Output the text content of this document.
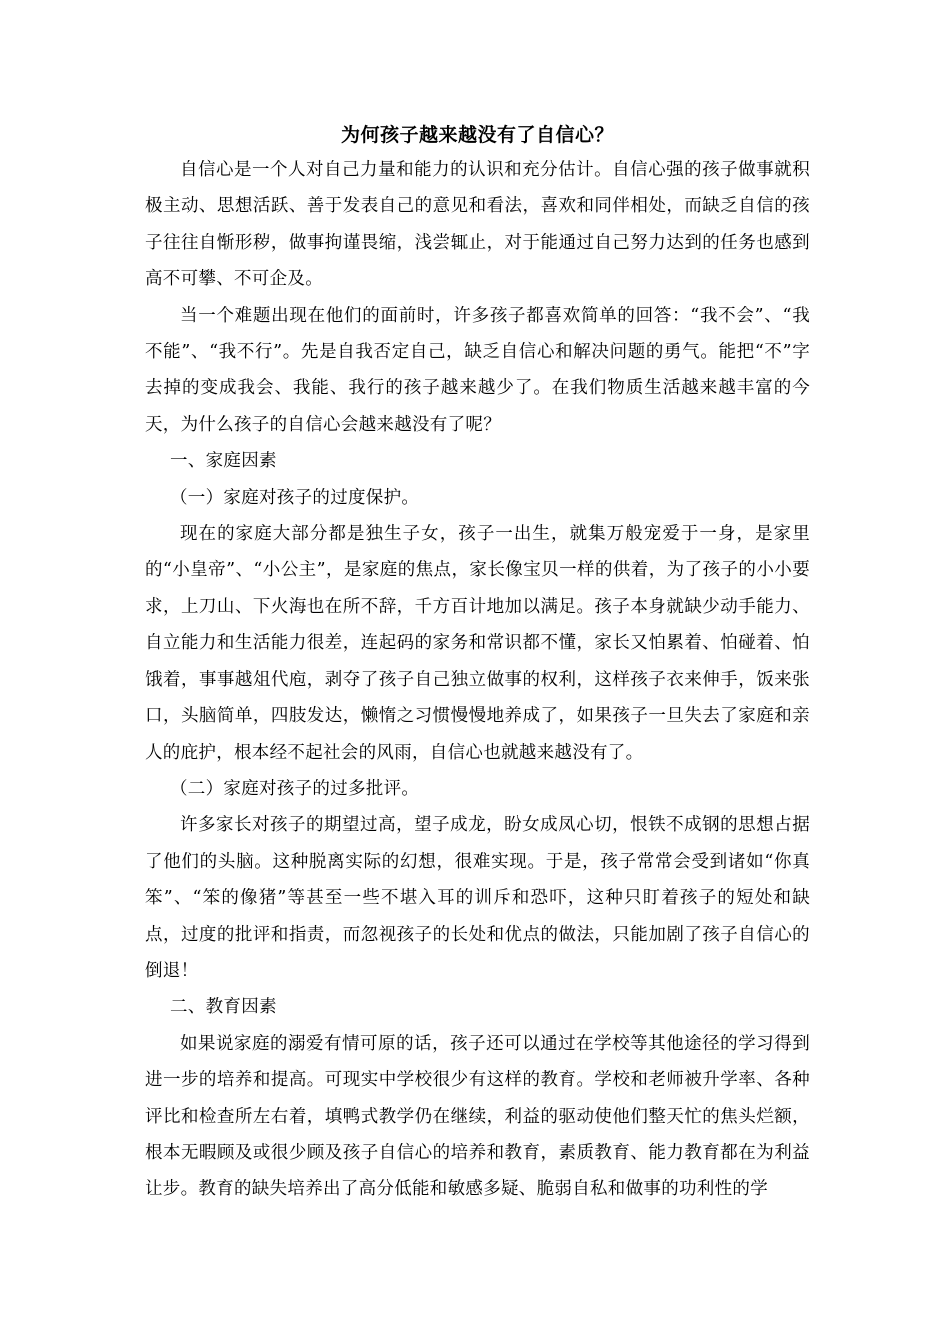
为何孩子越来越没有了自信心？

自信心是一个人对自己力量和能力的认识和充分估计。自信心强的孩子做事就积极主动、思想活跃、善于发表自己的意见和看法，喜欢和同伴相处，而缺乏自信的孩子往往自惭形秽，做事拘谨畏缩，浅尝辄止，对于能通过自己努力达到的任务也感到高不可攀、不可企及。

当一个难题出现在他们的面前时，许多孩子都喜欢简单的回答：“我不会”、“我不能”、“我不行”。先是自我否定自己，缺乏自信心和解决问题的勇气。能把“不”字去掉的变成我会、我能、我行的孩子越来越少了。在我们物质生活越来越丰富的今天，为什么孩子的自信心会越来越没有了呢？

一、家庭因素

（一）家庭对孩子的过度保护。

现在的家庭大部分都是独生子女，孩子一出生，就集万般宠爱于一身，是家里的“小皇帝”、“小公主”，是家庭的焦点，家长像宝贝一样的供着，为了孩子的小小要求，上刀山、下火海也在所不辞，千方百计地加以满足。孩子本身就缺少动手能力、自立能力和生活能力很差，连起码的家务和常识都不懂，家长又怕累着、怕碰着、怕饿着，事事越俎代庖，剥夺了孩子自己独立做事的权利，这样孩子衣来伸手，饭来张口，头脑简单，四肢发达，懒惰之习惯慢慢地养成了，如果孩子一旦失去了家庭和亲人的庇护，根本经不起社会的风雨，自信心也就越来越没有了。

（二）家庭对孩子的过多批评。

许多家长对孩子的期望过高，望子成龙，盼女成凤心切，恨铁不成钢的思想占据了他们的头脑。这种脱离实际的幻想，很难实现。于是，孩子常常会受到诸如“你真笨”、“笨的像猪”等甚至一些不堪入耳的训斥和恐吓，这种只盯着孩子的短处和缺点，过度的批评和指责，而忽视孩子的长处和优点的做法，只能加剧了孩子自信心的倒退！

二、教育因素

如果说家庭的溺爱有情可原的话，孩子还可以通过在学校等其他途径的学习得到进一步的培养和提高。可现实中学校很少有这样的教育。学校和老师被升学率、各种评比和检查所左右着，填鸭式教学仍在继续，利益的驱动使他们整天忙的焦头烂额，根本无暇顾及或很少顾及孩子自信心的培养和教育，素质教育、能力教育都在为利益让步。教育的缺失培养出了高分低能和敏感多疑、脆弱自私和做事的功利性的学
